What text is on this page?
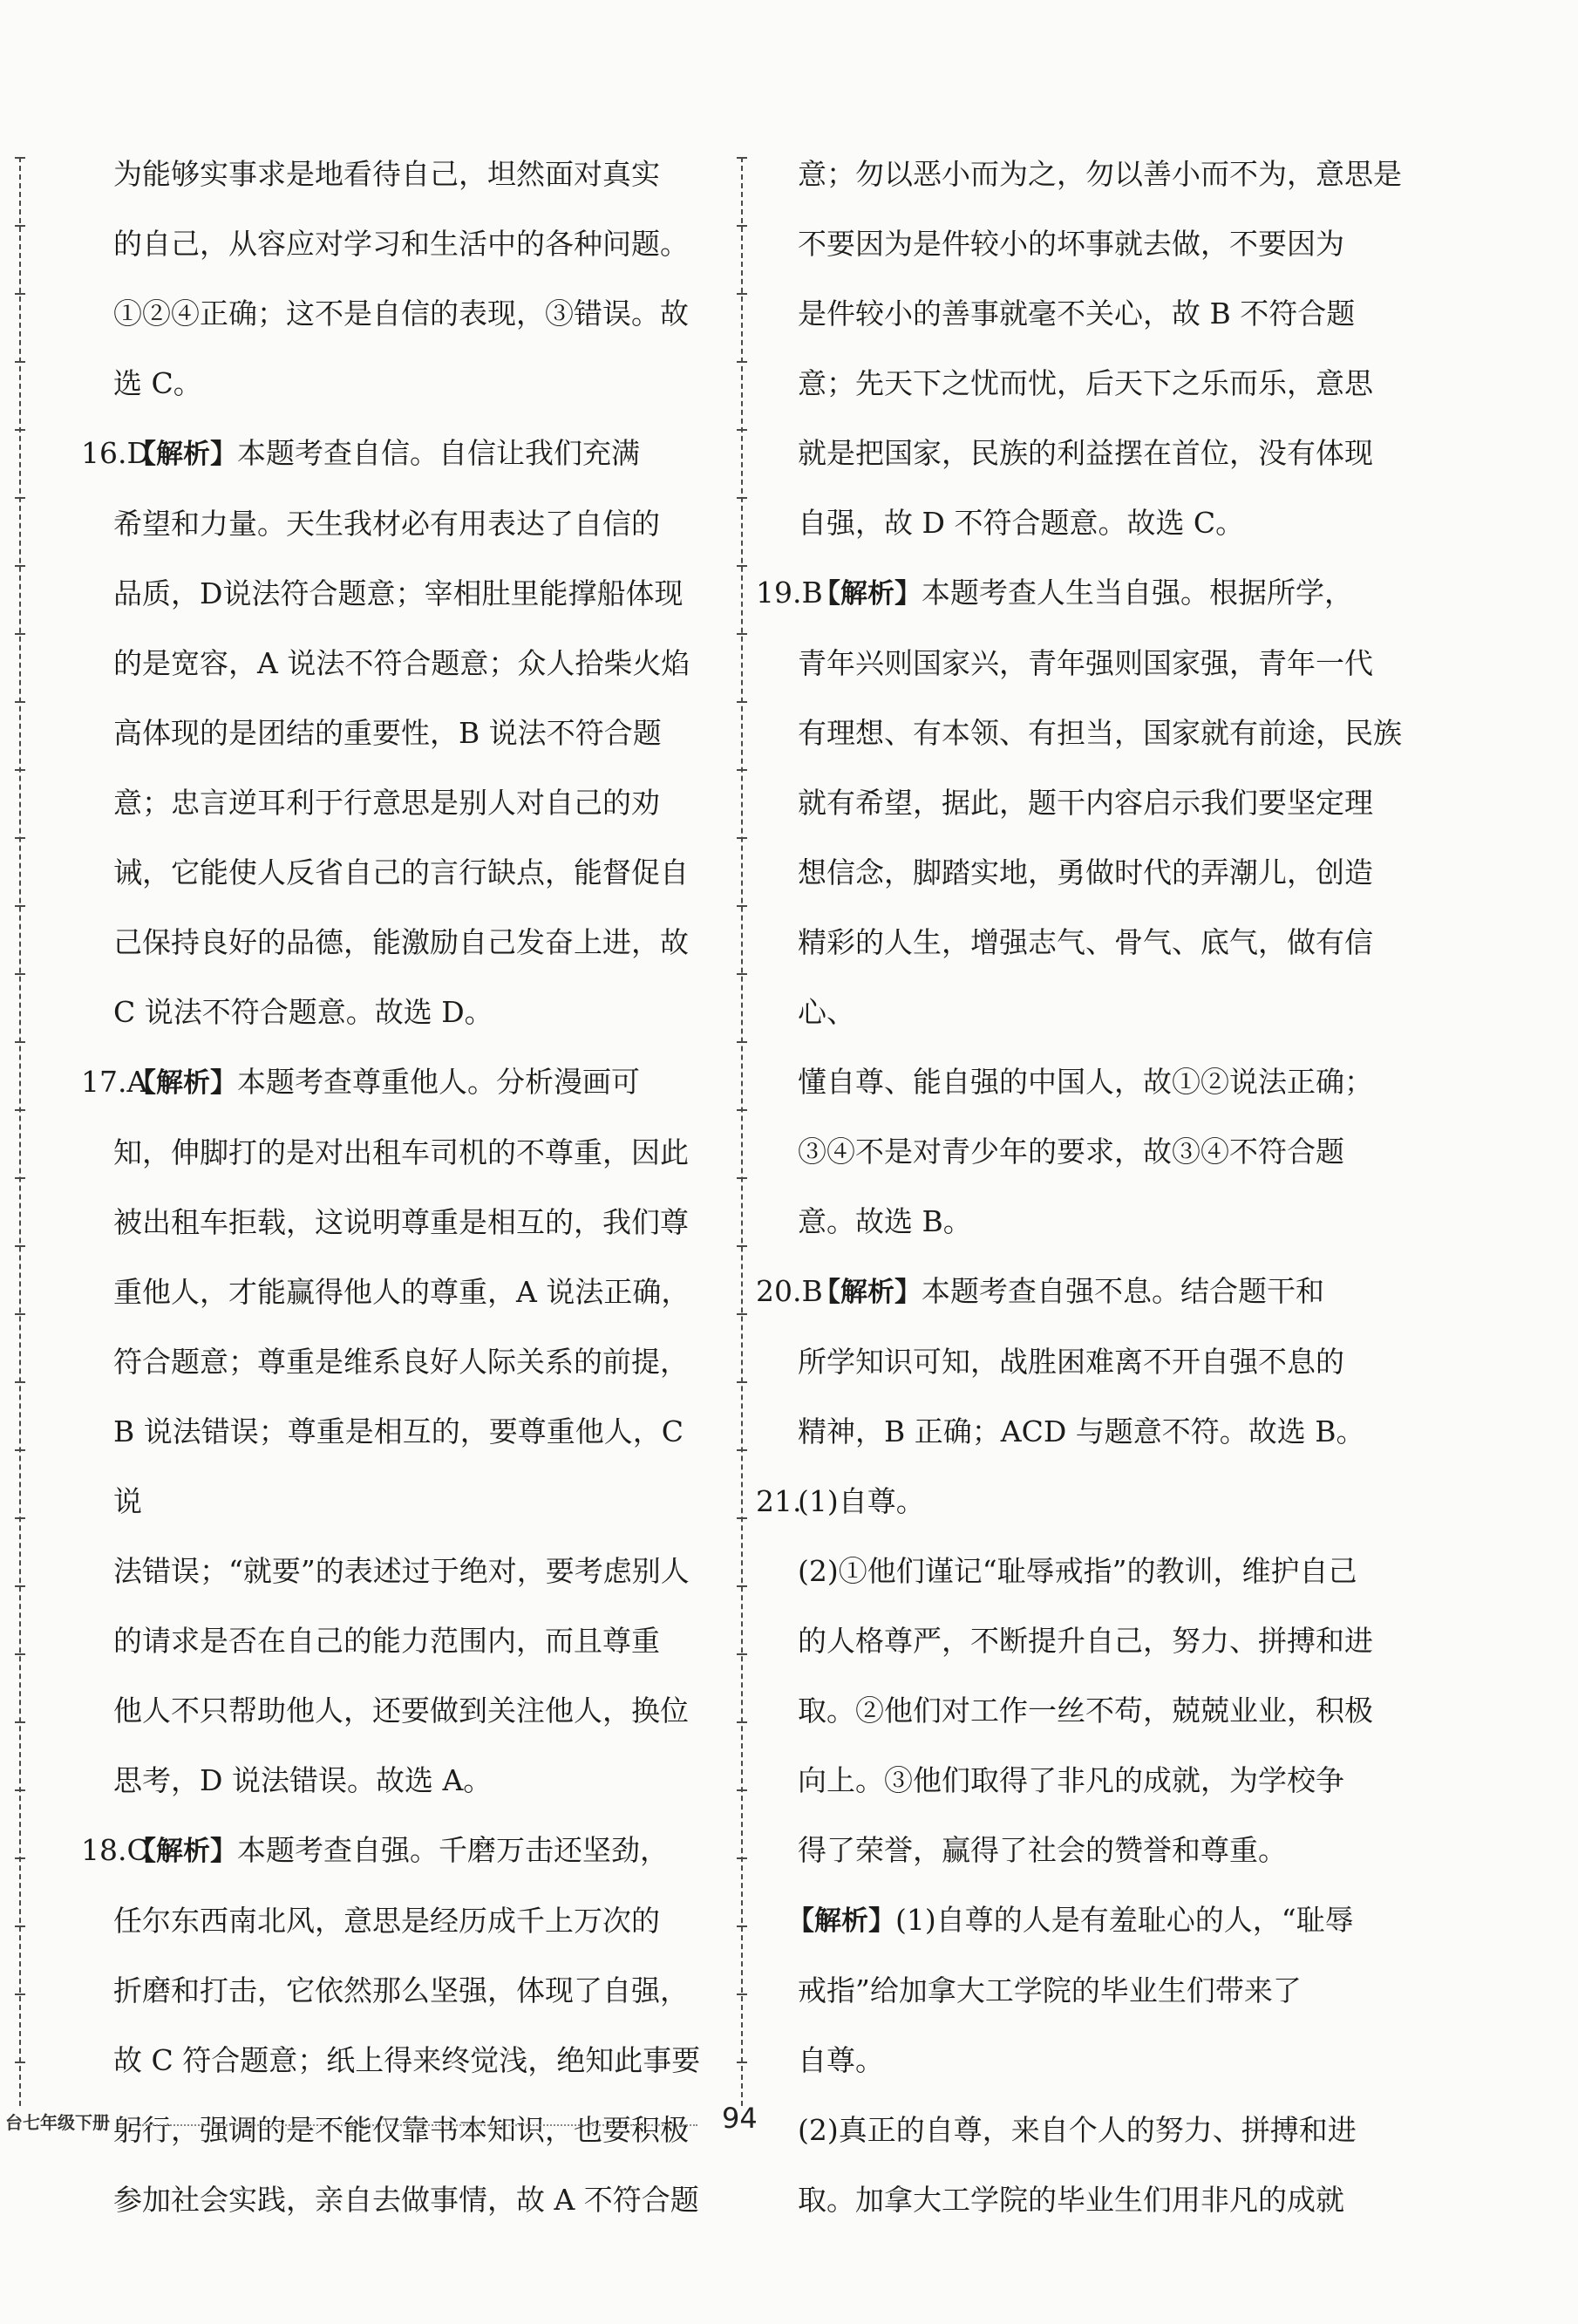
为能够实事求是地看待自己，坦然面对真实
的自己，从容应对学习和生活中的各种问题。
①②④正确；这不是自信的表现，③错误。故
选 C。
16.D
【解析】本题考查自信。自信让我们充满
希望和力量。天生我材必有用表达了自信的
品质，D说法符合题意；宰相肚里能撑船体现
的是宽容，A 说法不符合题意；众人拾柴火焰
高体现的是团结的重要性，B 说法不符合题
意；忠言逆耳利于行意思是别人对自己的劝
诫，它能使人反省自己的言行缺点，能督促自
己保持良好的品德，能激励自己发奋上进，故
C 说法不符合题意。故选 D。
17.A
【解析】本题考查尊重他人。分析漫画可
知，伸脚打的是对出租车司机的不尊重，因此
被出租车拒载，这说明尊重是相互的，我们尊
重他人，才能赢得他人的尊重，A 说法正确，
符合题意；尊重是维系良好人际关系的前提，
B 说法错误；尊重是相互的，要尊重他人，C 说
法错误；“就要”的表述过于绝对，要考虑别人
的请求是否在自己的能力范围内，而且尊重
他人不只帮助他人，还要做到关注他人，换位
思考，D 说法错误。故选 A。
18.C
【解析】本题考查自强。千磨万击还坚劲，
任尔东西南北风，意思是经历成千上万次的
折磨和打击，它依然那么坚强，体现了自强，
故 C 符合题意；纸上得来终觉浅，绝知此事要
躬行，强调的是不能仅靠书本知识，也要积极
参加社会实践，亲自去做事情，故 A 不符合题
意；勿以恶小而为之，勿以善小而不为，意思是
不要因为是件较小的坏事就去做，不要因为
是件较小的善事就毫不关心，故 B 不符合题
意；先天下之忧而忧，后天下之乐而乐，意思
就是把国家，民族的利益摆在首位，没有体现
自强，故 D 不符合题意。故选 C。
19.B
【解析】本题考查人生当自强。根据所学，
青年兴则国家兴，青年强则国家强，青年一代
有理想、有本领、有担当，国家就有前途，民族
就有希望，据此，题干内容启示我们要坚定理
想信念，脚踏实地，勇做时代的弄潮儿，创造
精彩的人生，增强志气、骨气、底气，做有信心、
懂自尊、能自强的中国人，故①②说法正确；
③④不是对青少年的要求，故③④不符合题
意。故选 B。
20.B
【解析】本题考查自强不息。结合题干和
所学知识可知，战胜困难离不开自强不息的
精神，B 正确；ACD 与题意不符。故选 B。
21.
(1)自尊。
(2)①他们谨记“耻辱戒指”的教训，维护自己
的人格尊严，不断提升自己，努力、拼搏和进
取。②他们对工作一丝不苟，兢兢业业，积极
向上。③他们取得了非凡的成就，为学校争
得了荣誉，赢得了社会的赞誉和尊重。
【解析】(1)自尊的人是有羞耻心的人，“耻辱
戒指”给加拿大工学院的毕业生们带来了
自尊。
(2)真正的自尊，来自个人的努力、拼搏和进
取。加拿大工学院的毕业生们用非凡的成就
台七年级下册	94
